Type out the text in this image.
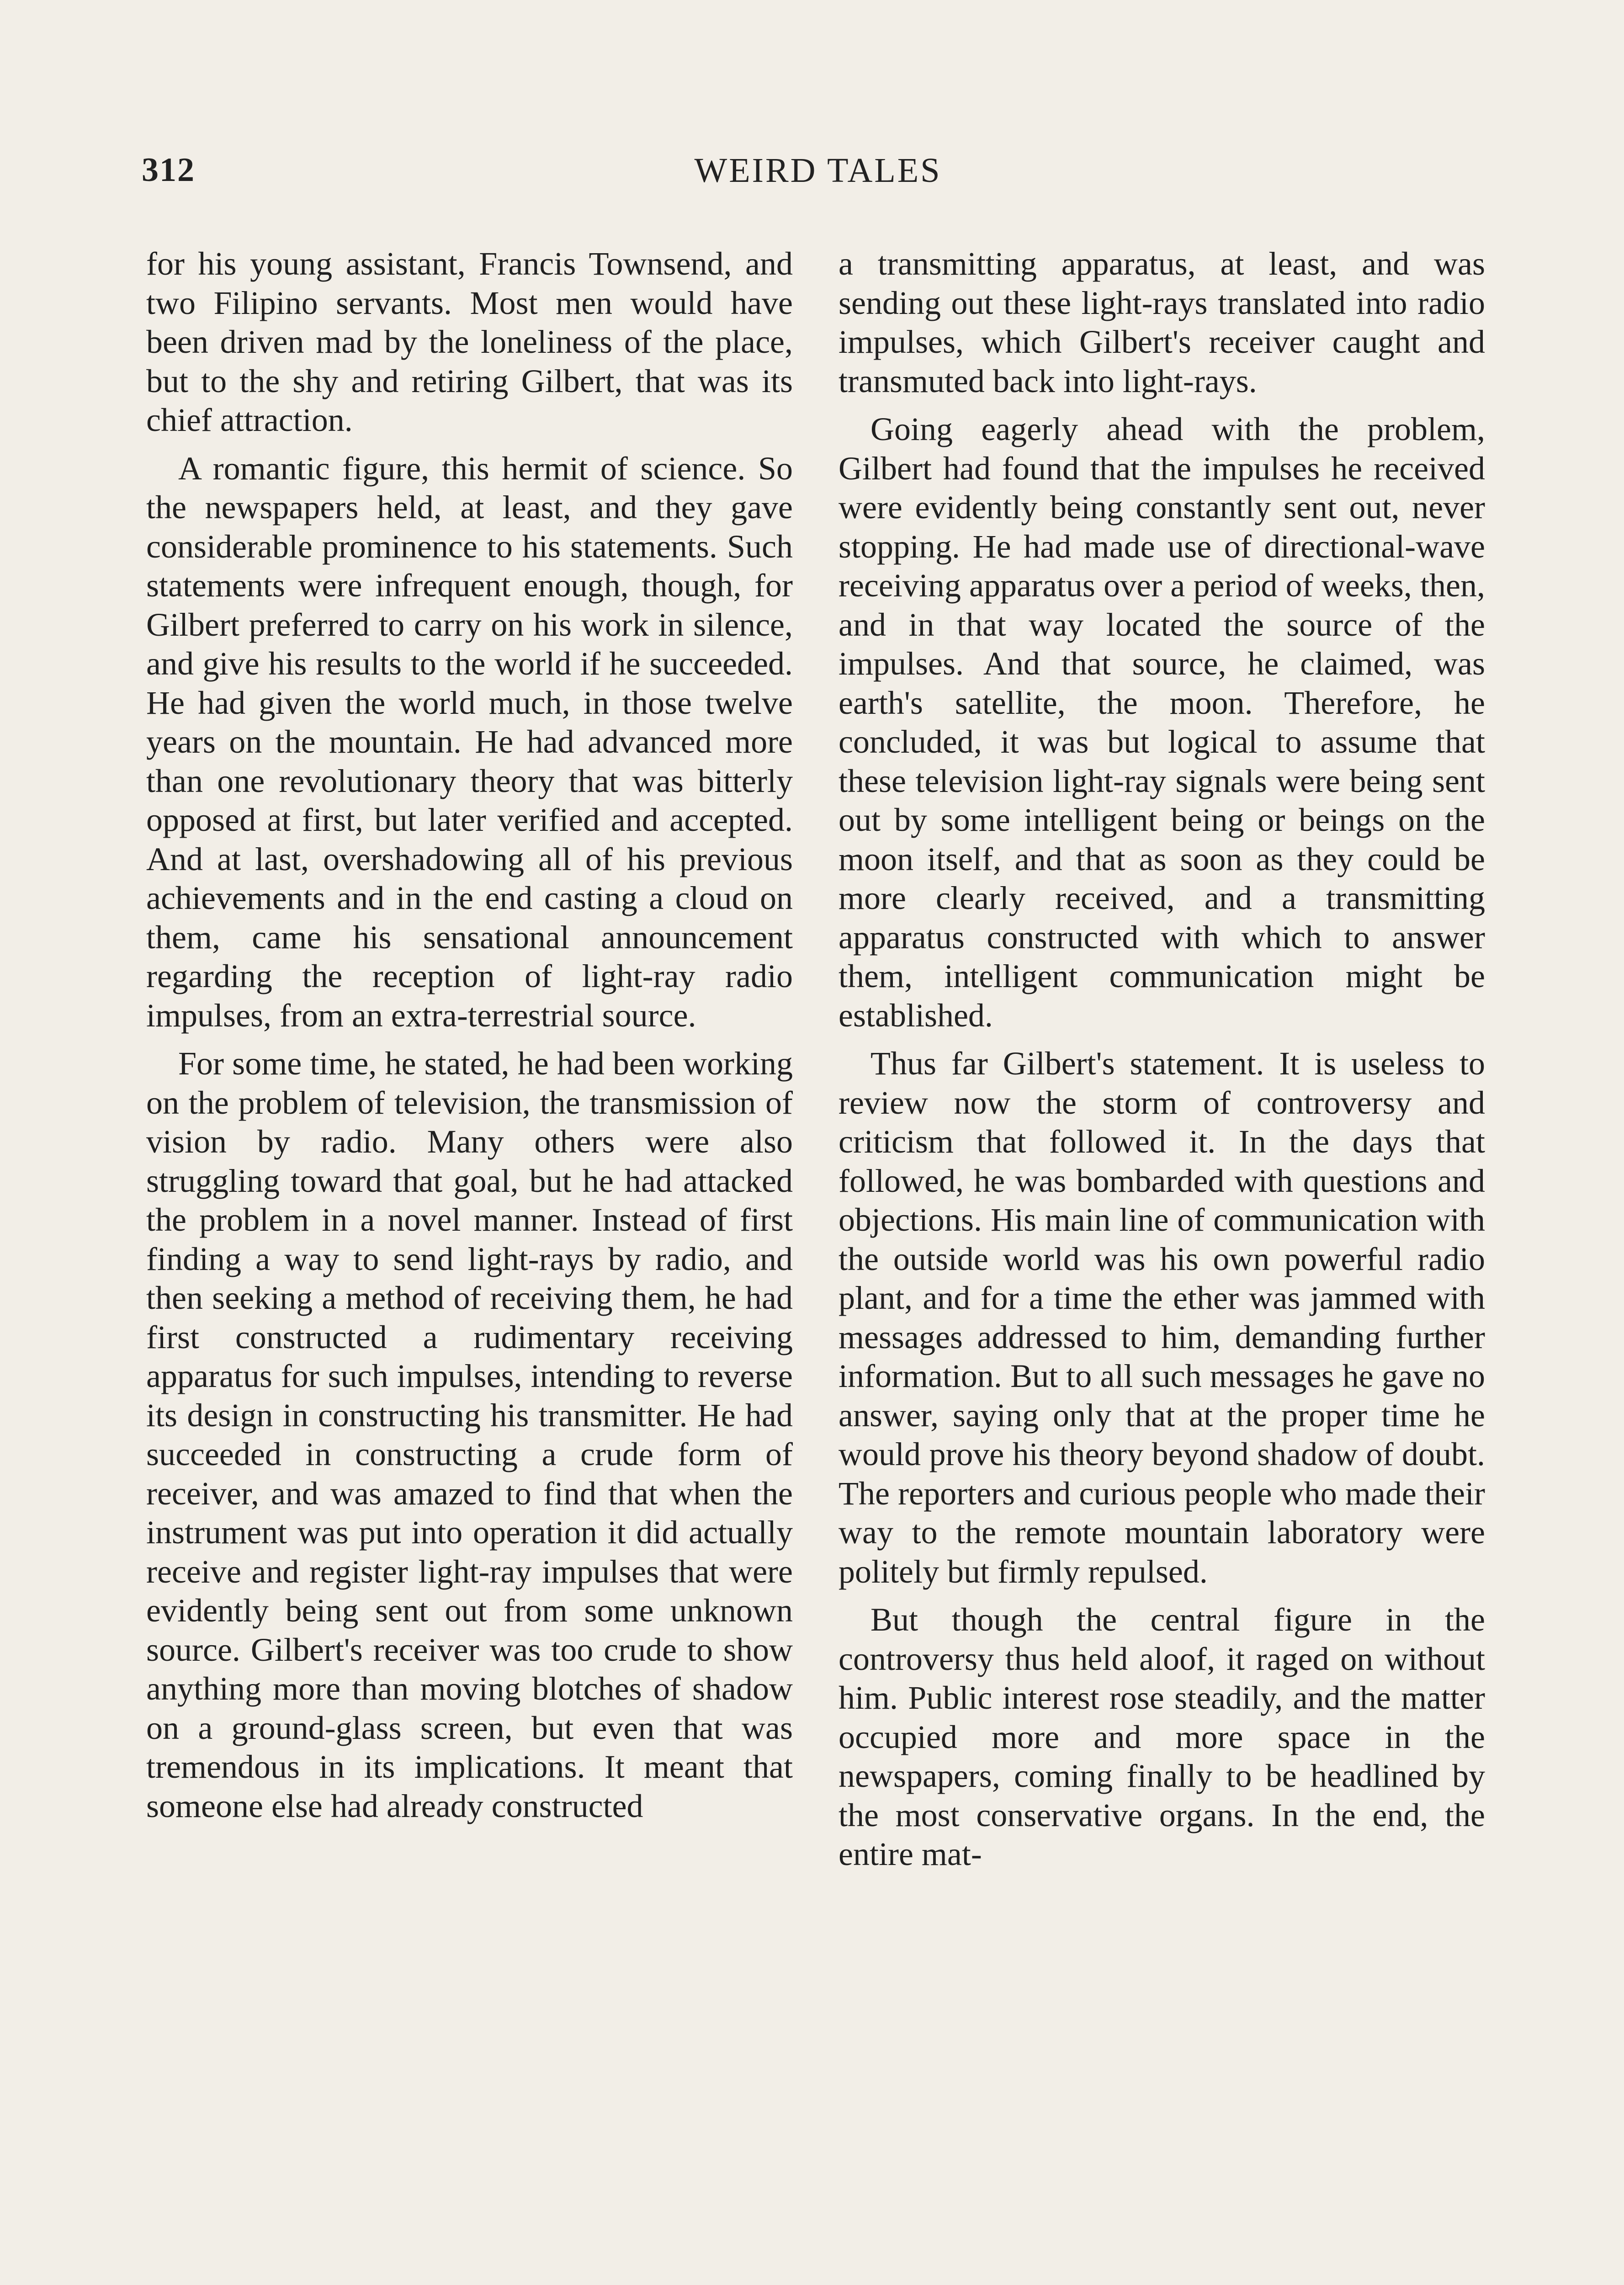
312	WEIRD TALES

for his young assistant, Francis Townsend, and two Filipino servants. Most men would have been driven mad by the loneliness of the place, but to the shy and retiring Gilbert, that was its chief attraction.

A romantic figure, this hermit of science. So the newspapers held, at least, and they gave considerable prominence to his statements. Such statements were infrequent enough, though, for Gilbert preferred to carry on his work in silence, and give his results to the world if he succeeded. He had given the world much, in those twelve years on the mountain. He had advanced more than one revolutionary theory that was bitterly opposed at first, but later verified and accepted. And at last, overshadowing all of his previous achievements and in the end casting a cloud on them, came his sensational announcement regarding the reception of light-ray radio impulses, from an extra-terrestrial source.

For some time, he stated, he had been working on the problem of television, the transmission of vision by radio. Many others were also struggling toward that goal, but he had attacked the problem in a novel manner. Instead of first finding a way to send light-rays by radio, and then seeking a method of receiving them, he had first constructed a rudimentary receiving apparatus for such impulses, intending to reverse its design in constructing his transmitter. He had succeeded in constructing a crude form of receiver, and was amazed to find that when the instrument was put into operation it did actually receive and register light-ray impulses that were evidently being sent out from some unknown source. Gilbert's receiver was too crude to show anything more than moving blotches of shadow on a ground-glass screen, but even that was tremendous in its implications. It meant that someone else had already constructed

a transmitting apparatus, at least, and was sending out these light-rays translated into radio impulses, which Gilbert's receiver caught and transmuted back into light-rays.

Going eagerly ahead with the problem, Gilbert had found that the impulses he received were evidently being constantly sent out, never stopping. He had made use of directional-wave receiving apparatus over a period of weeks, then, and in that way located the source of the impulses. And that source, he claimed, was earth's satellite, the moon. Therefore, he concluded, it was but logical to assume that these television light-ray signals were being sent out by some intelligent being or beings on the moon itself, and that as soon as they could be more clearly received, and a transmitting apparatus constructed with which to answer them, intelligent communication might be established.

Thus far Gilbert's statement. It is useless to review now the storm of controversy and criticism that followed it. In the days that followed, he was bombarded with questions and objections. His main line of communication with the outside world was his own powerful radio plant, and for a time the ether was jammed with messages addressed to him, demanding further information. But to all such messages he gave no answer, saying only that at the proper time he would prove his theory beyond shadow of doubt. The reporters and curious people who made their way to the remote mountain laboratory were politely but firmly repulsed.

But though the central figure in the controversy thus held aloof, it raged on without him. Public interest rose steadily, and the matter occupied more and more space in the newspapers, coming finally to be headlined by the most conservative organs. In the end, the entire mat-
